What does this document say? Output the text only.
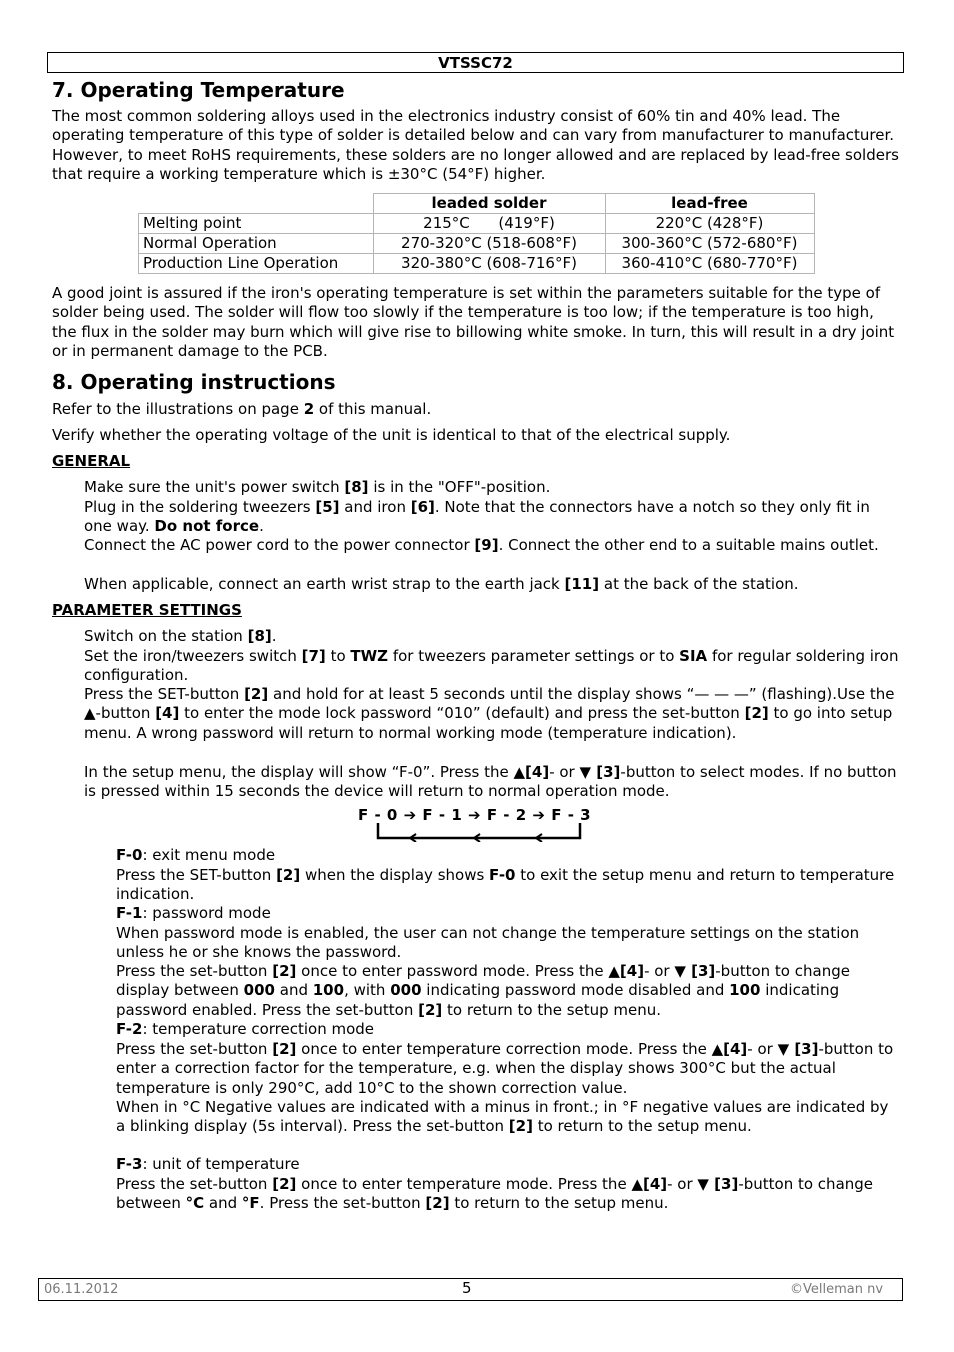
VTSSC72
7. Operating Temperature

The most common soldering alloys used in the electronics industry consist of 60% tin and 40% lead. The operating temperature of this type of solder is detailed below and can vary from manufacturer to manufacturer. However, to meet RoHS requirements, these solders are no longer allowed and are replaced by lead-free solders that require a working temperature which is ±30°C (54°F) higher.

	leaded solder	lead-free
Melting point	215°C      (419°F)	220°C (428°F)
Normal Operation	270-320°C (518-608°F)	300-360°C (572-680°F)
Production Line Operation	320-380°C (608-716°F)	360-410°C (680-770°F)

A good joint is assured if the iron's operating temperature is set within the parameters suitable for the type of solder being used. The solder will flow too slowly if the temperature is too low; if the temperature is too high, the flux in the solder may burn which will give rise to billowing white smoke. In turn, this will result in a dry joint or in permanent damage to the PCB.

8. Operating instructions

Refer to the illustrations on page 2 of this manual.

Verify whether the operating voltage of the unit is identical to that of the electrical supply.

GENERAL

Make sure the unit's power switch [8] is in the "OFF"-position.

Plug in the soldering tweezers [5] and iron [6]. Note that the connectors have a notch so they only fit in one way. Do not force.

Connect the AC power cord to the power connector [9]. Connect the other end to a suitable mains outlet.

When applicable, connect an earth wrist strap to the earth jack [11] at the back of the station.

PARAMETER SETTINGS

Switch on the station [8].

Set the iron/tweezers switch [7] to TWZ for tweezers parameter settings or to SIA for regular soldering iron configuration.

Press the SET-button [2] and hold for at least 5 seconds until the display shows “— — —” (flashing).Use the ▲-button [4] to enter the mode lock password “010” (default) and press the set-button [2] to go into setup menu. A wrong password will return to normal working mode (temperature indication).

In the setup menu, the display will show “F-0”. Press the ▲[4]- or ▼ [3]-button to select modes. If no button is pressed within 15 seconds the device will return to normal operation mode.

F - 0 ➔ F - 1 ➔ F - 2 ➔ F - 3

F-0: exit menu mode

Press the SET-button [2] when the display shows F-0 to exit the setup menu and return to temperature indication.

F-1: password mode

When password mode is enabled, the user can not change the temperature settings on the station unless he or she knows the password.

Press the set-button [2] once to enter password mode. Press the ▲[4]- or ▼ [3]-button to change display between 000 and 100, with 000 indicating password mode disabled and 100 indicating password enabled. Press the set-button [2] to return to the setup menu.

F-2: temperature correction mode

Press the set-button [2] once to enter temperature correction mode. Press the ▲[4]- or ▼ [3]-button to enter a correction factor for the temperature, e.g. when the display shows 300°C but the actual temperature is only 290°C, add 10°C to the shown correction value.

When in °C Negative values are indicated with a minus in front.; in °F negative values are indicated by a blinking display (5s interval). Press the set-button [2] to return to the setup menu.

F-3: unit of temperature

Press the set-button [2] once to enter temperature mode. Press the ▲[4]- or ▼ [3]-button to change between °C and °F. Press the set-button [2] to return to the setup menu.

06.11.2012	5	©Velleman nv
